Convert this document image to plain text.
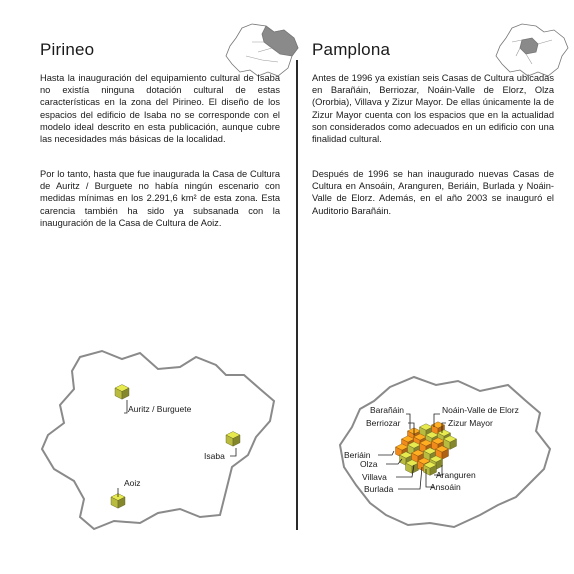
Pirineo

Hasta la inauguración del equipamiento cultural de Isaba no existía ninguna dotación cultural de estas características en la zona del Pirineo. El diseño de los espacios del edificio de Isaba no se corresponde con el modelo ideal descrito en esta publicación, aunque cubre las necesidades más básicas de la localidad.

Por lo tanto, hasta que fue inaugurada la Casa de Cultura de Auritz / Burguete no había ningún escenario con medidas mínimas en los 2.291,6 km² de esta zona. Esta carencia también ha sido ya subsanada con la inauguración de la Casa de Cultura de Aoiz.

Auritz / Burguete
Isaba
Aoiz
Pamplona

Antes de 1996 ya existían seis Casas de Cultura ubicadas en Barañáin, Berriozar, Noáin-Valle de Elorz, Olza (Ororbia), Villava y Zizur Mayor. De ellas únicamente la de Zizur Mayor cuenta con los espacios que en la actualidad son considerados como adecuados en un edificio con una finalidad cultural.

Después de 1996 se han inaugurado nuevas Casas de Cultura en Ansoáin, Aranguren, Beriáin, Burlada y Noáin-Valle de Elorz. Además, en el año 2003 se inauguró el Auditorio Barañáin.

Barañáin	Noáin-Valle de Elorz
Berriozar	Zizur Mayor
Beriáin
Olza
Villava
Burlada
Aranguren
Ansoáin
